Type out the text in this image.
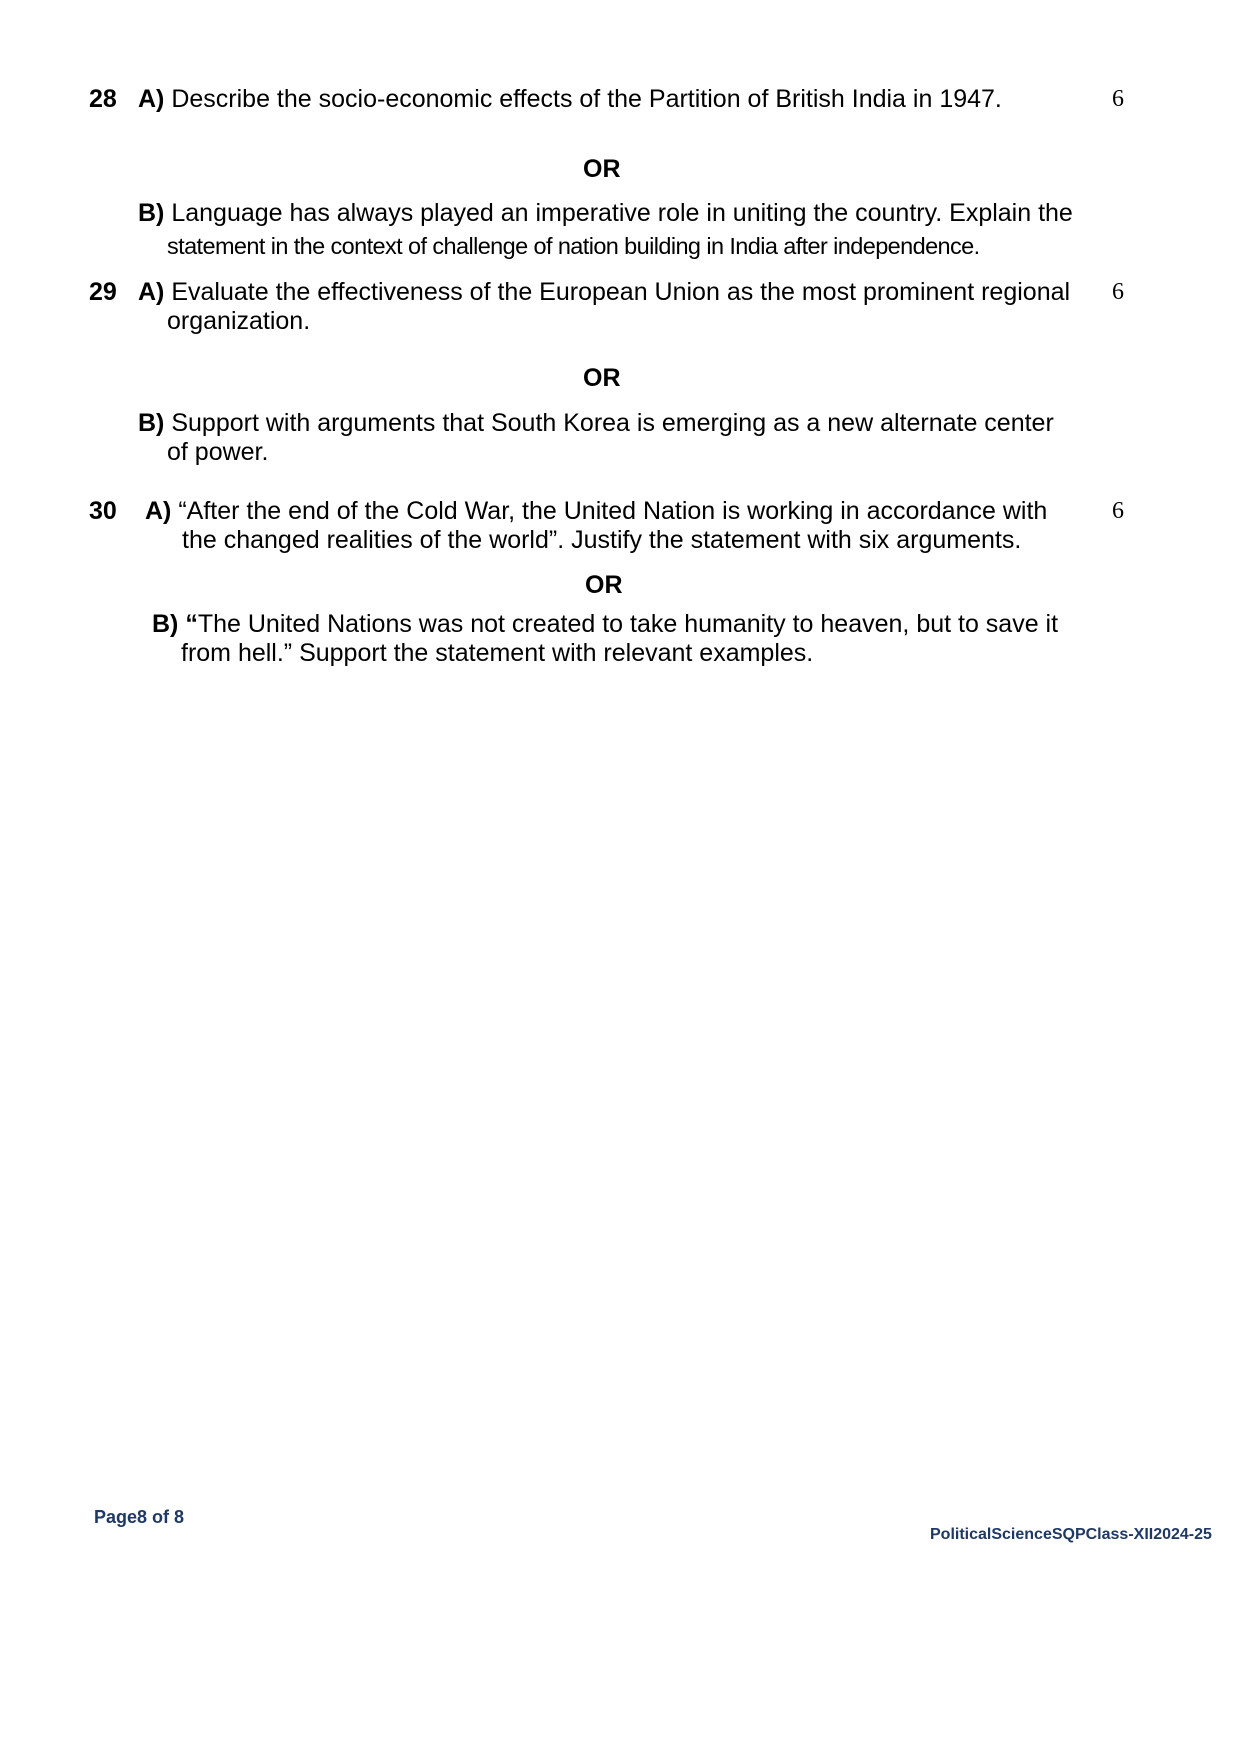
28 A) Describe the socio-economic effects of the Partition of British India in 1947.	6
OR
B) Language has always played an imperative role in uniting the country. Explain the
statement in the context of challenge of nation building in India after independence.
29 A) Evaluate the effectiveness of the European Union as the most prominent regional
organization.
6
OR
B) Support with arguments that South Korea is emerging as a new alternate center
of power.
30 A) “After the end of the Cold War, the United Nation is working in accordance with
the changed realities of the world”. Justify the statement with six arguments.
6
OR
B) “The United Nations was not created to take humanity to heaven, but to save it
from hell.” Support the statement with relevant examples.
Page8 of 8
PoliticalScienceSQPClass-XII2024-25
